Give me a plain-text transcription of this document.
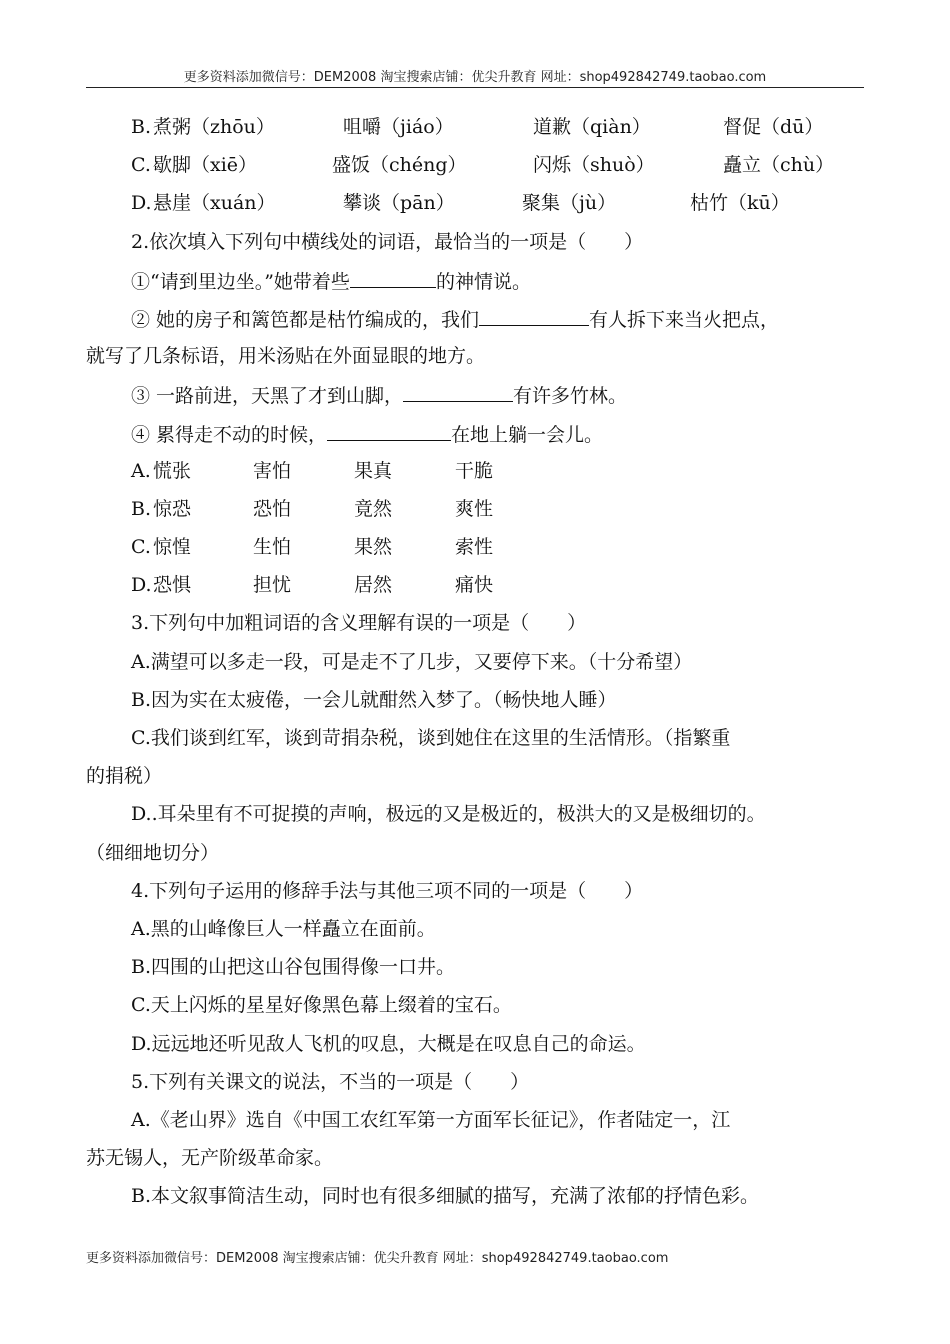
更多资料添加微信号：DEM2008 淘宝搜索店铺：优尖升教育 网址：shop492842749.taobao.com
B. 煮粥（zhōu）	咀嚼（jiáo）	道歉（qiàn）	督促（dū）
C. 歇脚（xiē）	盛饭（chéng）	闪烁（shuò）	矗立（chù）
D. 悬崖（xuán）	攀谈（pān）	聚集（jù）	枯竹（kū）
2.依次填入下列句中横线处的词语，最恰当的一项是（　　）
①“请到里边坐。”她带着些	的神情说。
② 她的房子和篱笆都是枯竹编成的，我们	有人拆下来当火把点，
就写了几条标语，用米汤贴在外面显眼的地方。
③ 一路前进，天黑了才到山脚，	有许多竹林。
④ 累得走不动的时候，	在地上躺一会儿。
A. 慌张	害怕	果真	干脆
B. 惊恐	恐怕	竟然	爽性
C. 惊惶	生怕	果然	索性
D. 恐惧	担忧	居然	痛快
3.下列句中加粗词语的含义理解有误的一项是（　　）
A.满望可以多走一段，可是走不了几步，又要停下来。（十分希望）
B.因为实在太疲倦，一会儿就酣然入梦了。（畅快地人睡）
C.我们谈到红军，谈到苛捐杂税，谈到她住在这里的生活情形。（指繁重
的捐税）
D..耳朵里有不可捉摸的声响，极远的又是极近的，极洪大的又是极细切的。
（细细地切分）
4.下列句子运用的修辞手法与其他三项不同的一项是（　　）
A.黑的山峰像巨人一样矗立在面前。
B.四围的山把这山谷包围得像一口井。
C.天上闪烁的星星好像黑色幕上缀着的宝石。
D.远远地还听见敌人飞机的叹息，大概是在叹息自己的命运。
5.下列有关课文的说法，不当的一项是（　　）
A.《老山界》选自《中国工农红军第一方面军长征记》，作者陆定一，江
苏无锡人，无产阶级革命家。
B.本文叙事简洁生动，同时也有很多细腻的描写，充满了浓郁的抒情色彩。
更多资料添加微信号：DEM2008 淘宝搜索店铺：优尖升教育 网址：shop492842749.taobao.com
